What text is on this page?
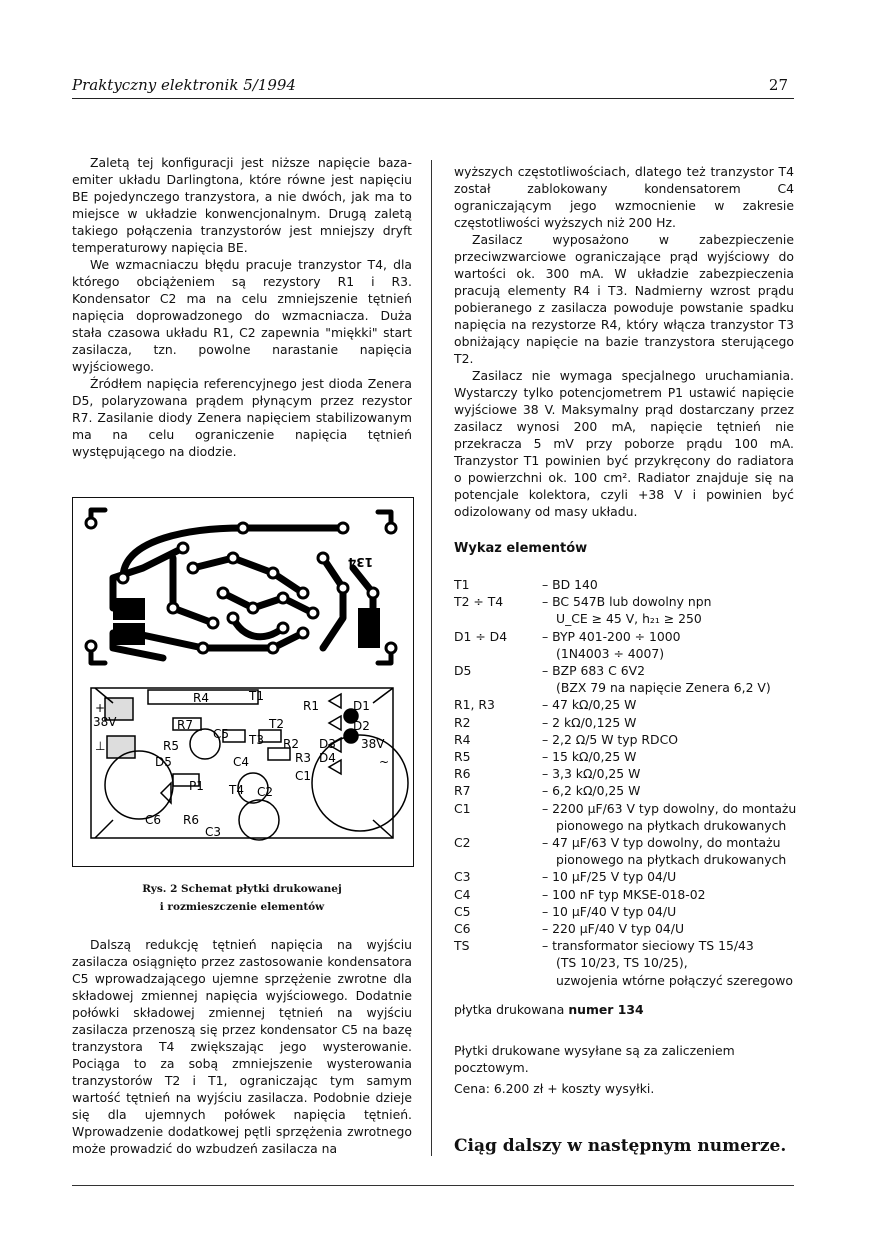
Praktyczny elektronik 5/1994	27

Zaletą tej konfiguracji jest niższe napięcie baza-emiter układu Darlingtona, które równe jest napięciu BE pojedynczego tranzystora, a nie dwóch, jak ma to miejsce w układzie konwencjonalnym. Drugą zaletą takiego połączenia tranzystorów jest mniejszy dryft temperaturowy napięcia BE.

We wzmacniaczu błędu pracuje tranzystor T4, dla którego obciążeniem są rezystory R1 i R3. Kondensator C2 ma na celu zmniejszenie tętnień napięcia doprowadzonego do wzmacniacza. Duża stała czasowa układu R1, C2 zapewnia "miękki" start zasilacza, tzn. powolne narastanie napięcia wyjściowego.

Źródłem napięcia referencyjnego jest dioda Zenera D5, polaryzowana prądem płynącym przez rezystor R7. Zasilanie diody Zenera napięciem stabilizowanym ma na celu ograniczenie napięcia tętnień występującego na diodzie.

134
R4	T1
R1	D1
38V
+
R7	T2	D2
C5
⊥	R5	T3 R2 D3 38V
D5	C4	R3 D4
C1
~
P1 T4 C2
C6 R6
C3
Rys. 2 Schemat płytki drukowanej
i rozmieszczenie elementów

Dalszą redukcję tętnień napięcia na wyjściu zasilacza osiągnięto przez zastosowanie kondensatora C5 wprowadzającego ujemne sprzężenie zwrotne dla składowej zmiennej napięcia wyjściowego. Dodatnie połówki składowej zmiennej tętnień na wyjściu zasilacza przenoszą się przez kondensator C5 na bazę tranzystora T4 zwiększając jego wysterowanie. Pociąga to za sobą zmniejszenie wysterowania tranzystorów T2 i T1, ograniczając tym samym wartość tętnień na wyjściu zasilacza. Podobnie dzieje się dla ujemnych połówek napięcia tętnień. Wprowadzenie dodatkowej pętli sprzężenia zwrotnego może prowadzić do wzbudzeń zasilacza na

wyższych częstotliwościach, dlatego też tranzystor T4 został zablokowany kondensatorem C4 ograniczającym jego wzmocnienie w zakresie częstotliwości wyższych niż 200 Hz.

Zasilacz wyposażono w zabezpieczenie przeciwzwarciowe ograniczające prąd wyjściowy do wartości ok. 300 mA. W układzie zabezpieczenia pracują elementy R4 i T3. Nadmierny wzrost prądu pobieranego z zasilacza powoduje powstanie spadku napięcia na rezystorze R4, który włącza tranzystor T3 obniżający napięcie na bazie tranzystora sterującego T2.

Zasilacz nie wymaga specjalnego uruchamiania. Wystarczy tylko potencjometrem P1 ustawić napięcie wyjściowe 38 V. Maksymalny prąd dostarczany przez zasilacz wynosi 200 mA, napięcie tętnień nie przekracza 5 mV przy poborze prądu 100 mA. Tranzystor T1 powinien być przykręcony do radiatora o powierzchni ok. 100 cm². Radiator znajduje się na potencjale kolektora, czyli +38 V i powinien być odizolowany od masy układu.

Wykaz elementów
T1	– BD 140
T2 ÷ T4	– BC 547B lub dowolny npn
U_CE ≥ 45 V, h₂₁ ≥ 250
D1 ÷ D4	– BYP 401-200 ÷ 1000
(1N4003 ÷ 4007)
D5	– BZP 683 C 6V2
(BZX 79 na napięcie Zenera 6,2 V)
R1, R3	– 47 kΩ/0,25 W
R2	– 2 kΩ/0,125 W
R4	– 2,2 Ω/5 W typ RDCO
R5	– 15 kΩ/0,25 W
R6	– 3,3 kΩ/0,25 W
R7	– 6,2 kΩ/0,25 W
C1	– 2200 µF/63 V typ dowolny, do montażu
pionowego na płytkach drukowanych
C2	– 47 µF/63 V typ dowolny, do montażu
pionowego na płytkach drukowanych
C3	– 10 µF/25 V typ 04/U
C4	– 100 nF typ MKSE-018-02
C5	– 10 µF/40 V typ 04/U
C6	– 220 µF/40 V typ 04/U
TS	– transformator sieciowy TS 15/43
(TS 10/23, TS 10/25),
uzwojenia wtórne połączyć szeregowo
płytka drukowana numer 134
Płytki drukowane wysyłane są za zaliczeniem pocztowym.
Cena: 6.200 zł + koszty wysyłki.
Ciąg dalszy w następnym numerze.
